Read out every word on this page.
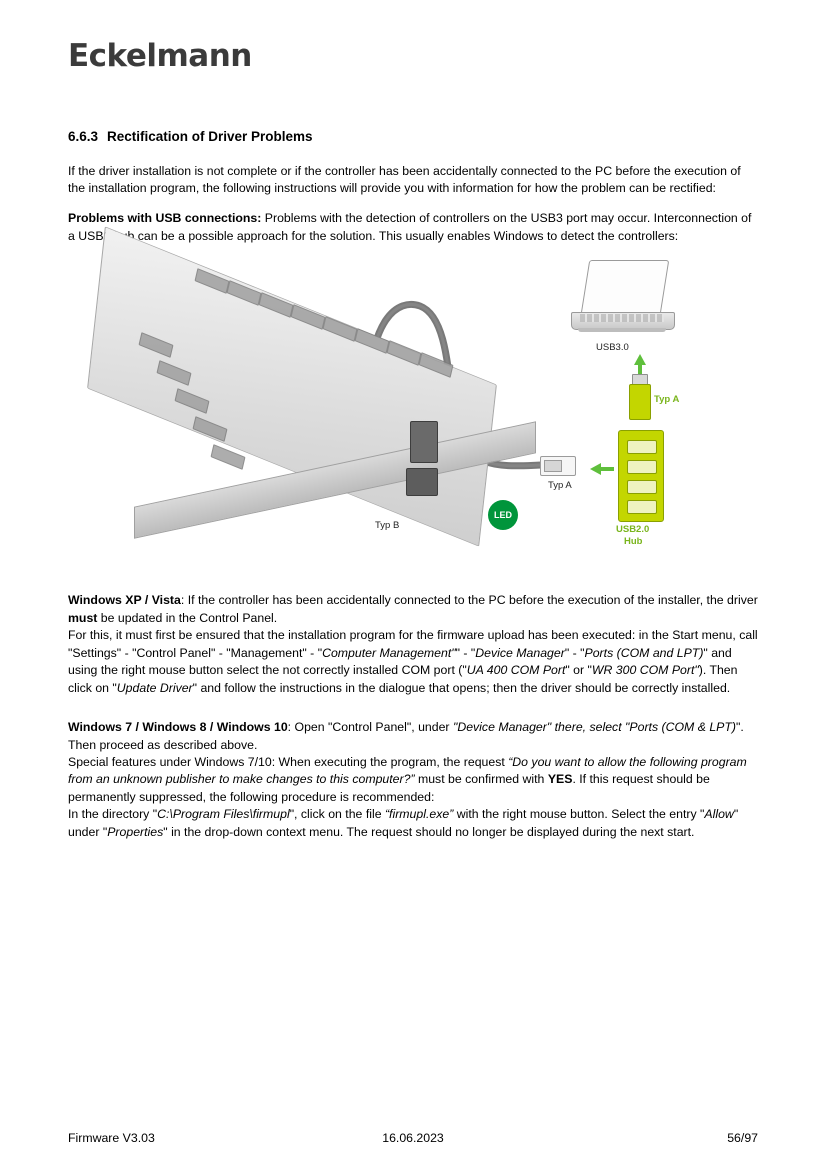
Eckelmann
6.6.3 Rectification of Driver Problems

If the driver installation is not complete or if the controller has been accidentally connected to the PC before the execution of the installation program, the following instructions will provide you with information for how the problem can be rectified:

Problems with USB connections: Problems with the detection of controllers on the USB3 port may occur. Interconnection of a USB2 hub can be a possible approach for the solution. This usually enables Windows to detect the controllers:

LED
Typ B
Typ A
USB3.0
Typ A
USB2.0
Hub

Windows XP / Vista: If the controller has been accidentally connected to the PC before the execution of the installer, the driver must be updated in the Control Panel.

For this, it must first be ensured that the installation program for the firmware upload has been executed: in the Start menu, call "Settings" - "Control Panel" - "Management" - "Computer Management"" - "Device Manager" - "Ports (COM and LPT)" and using the right mouse button select the not correctly installed COM port ("UA 400 COM Port" or "WR 300 COM Port"). Then click on "Update Driver" and follow the instructions in the dialogue that opens; then the driver should be correctly installed.

Windows 7 / Windows 8 / Windows 10: Open "Control Panel", under "Device Manager" there, select "Ports (COM & LPT)". Then proceed as described above.

Special features under Windows 7/10: When executing the program, the request “Do you want to allow the following program from an unknown publisher to make changes to this computer?” must be confirmed with YES. If this request should be permanently suppressed, the following procedure is recommended:

In the directory "C:\Program Files\firmupl", click on the file “firmupl.exe” with the right mouse button. Select the entry "Allow" under "Properties" in the drop-down context menu. The request should no longer be displayed during the next start.

Firmware V3.03	16.06.2023	56/97
